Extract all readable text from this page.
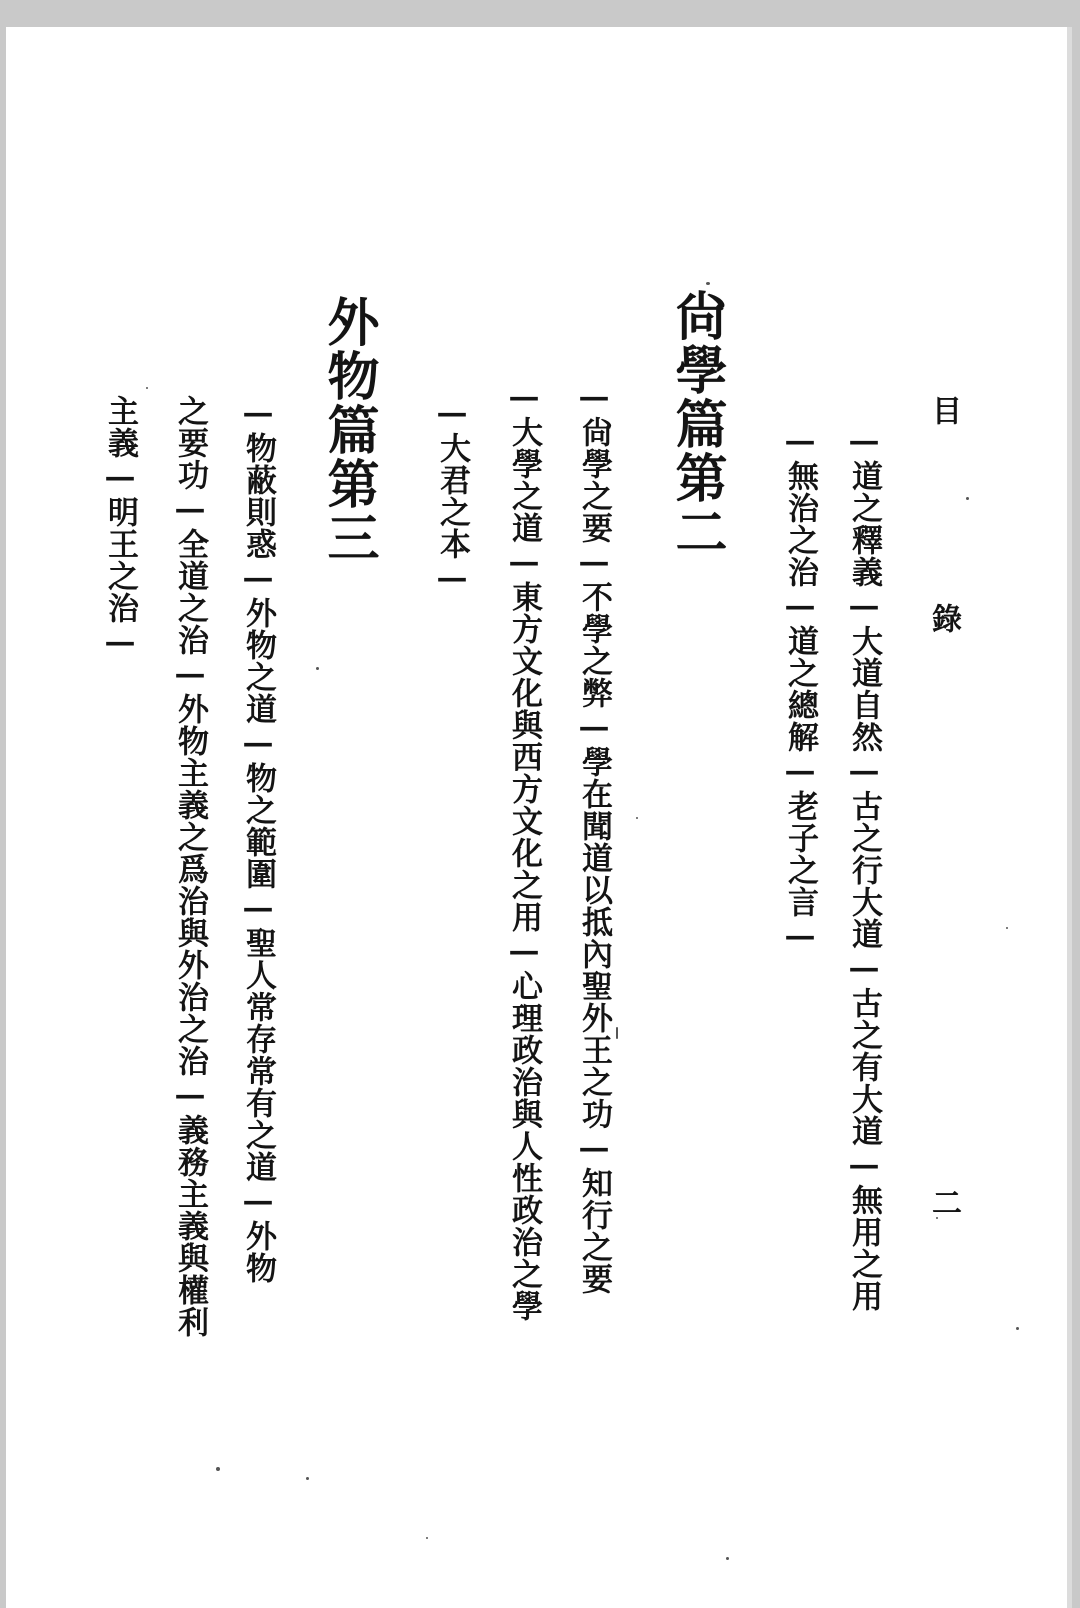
目
錄
二
—道之釋義—大道自然—古之行大道—古之有大道—無用之用
—無治之治—道之總解—老子之言—
尙學篇第二
—尙學之要—不學之弊—學在聞道以抵內聖外王之功—知行之要
—大學之道—東方文化與西方文化之用—心理政治與人性政治之學
—大君之本—
外物篇第三
—物蔽則惑—外物之道—物之範圍—聖人常存常有之道—外物
之要功—全道之治—外物主義之爲治與外治之治—義務主義與權利
主義—明王之治—
